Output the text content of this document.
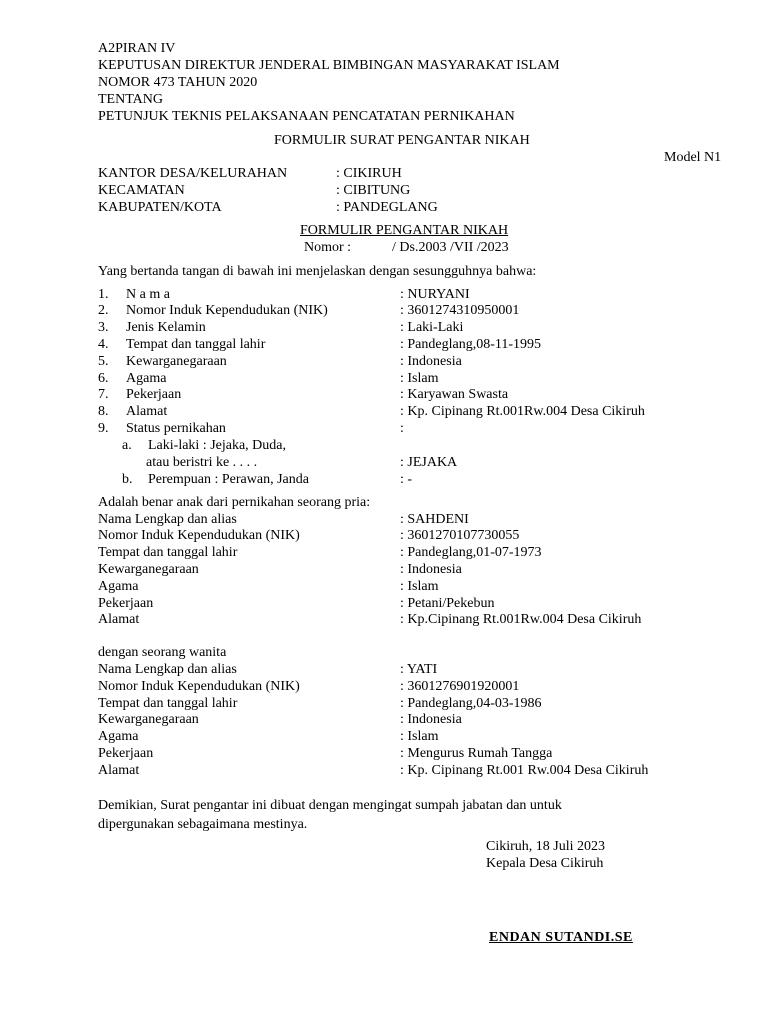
A2PIRAN IV
KEPUTUSAN DIREKTUR JENDERAL BIMBINGAN MASYARAKAT ISLAM
NOMOR 473 TAHUN 2020
TENTANG
PETUNJUK TEKNIS PELAKSANAAN PENCATATAN PERNIKAHAN
FORMULIR SURAT PENGANTAR NIKAH
Model N1
KANTOR DESA/KELURAHAN	: CIKIRUH
KECAMATAN	: CIBITUNG
KABUPATEN/KOTA	: PANDEGLANG
FORMULIR PENGANTAR NIKAH
Nomor :	/ Ds.2003 /VII /2023
Yang bertanda tangan di bawah ini menjelaskan dengan sesungguhnya bahwa:
1. N a m a	: NURYANI
2. Nomor Induk Kependudukan (NIK)	: 3601274310950001
3. Jenis Kelamin	: Laki-Laki
4. Tempat dan tanggal lahir	: Pandeglang,08-11-1995
5. Kewarganegaraan	: Indonesia
6. Agama	: Islam
7. Pekerjaan	: Karyawan Swasta
8. Alamat	: Kp. Cipinang Rt.001Rw.004 Desa Cikiruh
9. Status pernikahan	:
a. Laki-laki : Jejaka, Duda,
atau beristri ke . . . .	: JEJAKA
b. Perempuan : Perawan, Janda	: -
Adalah benar anak dari pernikahan seorang pria:
Nama Lengkap dan alias	: SAHDENI
Nomor Induk Kependudukan (NIK)	: 3601270107730055
Tempat dan tanggal lahir	: Pandeglang,01-07-1973
Kewarganegaraan	: Indonesia
Agama	: Islam
Pekerjaan	: Petani/Pekebun
Alamat	: Kp.Cipinang Rt.001Rw.004 Desa Cikiruh
dengan seorang wanita
Nama Lengkap dan alias	: YATI
Nomor Induk Kependudukan (NIK)	: 3601276901920001
Tempat dan tanggal lahir	: Pandeglang,04-03-1986
Kewarganegaraan	: Indonesia
Agama	: Islam
Pekerjaan	: Mengurus Rumah Tangga
Alamat	: Kp. Cipinang Rt.001 Rw.004 Desa Cikiruh
Demikian, Surat pengantar ini dibuat dengan mengingat sumpah jabatan dan untuk
dipergunakan sebagaimana mestinya.
Cikiruh, 18 Juli 2023
Kepala Desa Cikiruh
ENDAN SUTANDI.SE
